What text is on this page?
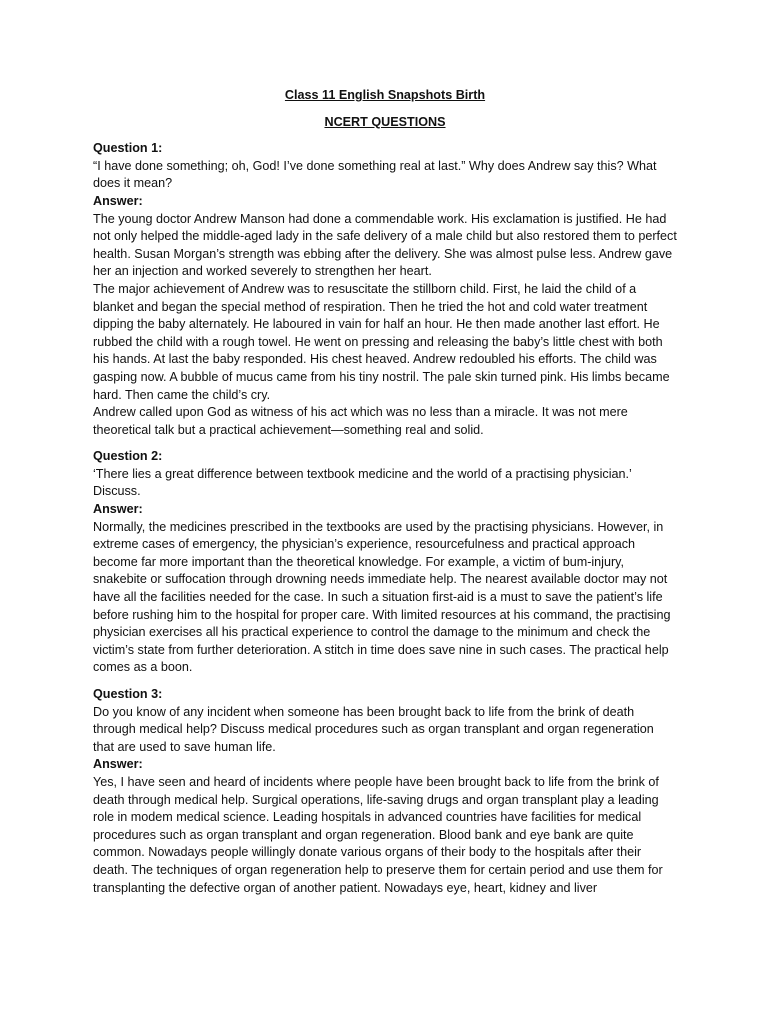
Class 11 English Snapshots Birth
NCERT QUESTIONS
Question 1:
“I have done something; oh, God! I’ve done something real at last.” Why does Andrew say this? What does it mean?
Answer:
The young doctor Andrew Manson had done a commendable work. His exclamation is justified. He had not only helped the middle-aged lady in the safe delivery of a male child but also restored them to perfect health. Susan Morgan’s strength was ebbing after the delivery. She was almost pulse less. Andrew gave her an injection and worked severely to strengthen her heart.
The major achievement of Andrew was to resuscitate the stillborn child. First, he laid the child of a blanket and began the special method of respiration. Then he tried the hot and cold water treatment dipping the baby alternately. He laboured in vain for half an hour. He then made another last effort. He rubbed the child with a rough towel. He went on pressing and releasing the baby’s little chest with both his hands. At last the baby responded. His chest heaved. Andrew redoubled his efforts. The child was gasping now. A bubble of mucus came from his tiny nostril. The pale skin turned pink. His limbs became hard. Then came the child’s cry.
Andrew called upon God as witness of his act which was no less than a miracle. It was not mere theoretical talk but a practical achievement—something real and solid.
Question 2:
‘There lies a great difference between textbook medicine and the world of a practising physician.’ Discuss.
Answer:
Normally, the medicines prescribed in the textbooks are used by the practising physicians. However, in extreme cases of emergency, the physician’s experience, resourcefulness and practical approach become far more important than the theoretical knowledge. For example, a victim of bum-injury, snakebite or suffocation through drowning needs immediate help. The nearest available doctor may not have all the facilities needed for the case. In such a situation first-aid is a must to save the patient’s life before rushing him to the hospital for proper care. With limited resources at his command, the practising physician exercises all his practical experience to control the damage to the minimum and check the victim’s state from further deterioration. A stitch in time does save nine in such cases. The practical help comes as a boon.
Question 3:
Do you know of any incident when someone has been brought back to life from the brink of death through medical help? Discuss medical procedures such as organ transplant and organ regeneration that are used to save human life.
Answer:
Yes, I have seen and heard of incidents where people have been brought back to life from the brink of death through medical help. Surgical operations, life-saving drugs and organ transplant play a leading role in modem medical science. Leading hospitals in advanced countries have facilities for medical procedures such as organ transplant and organ regeneration. Blood bank and eye bank are quite common. Nowadays people willingly donate various organs of their body to the hospitals after their death. The techniques of organ regeneration help to preserve them for certain period and use them for transplanting the defective organ of another patient. Nowadays eye, heart, kidney and liver
